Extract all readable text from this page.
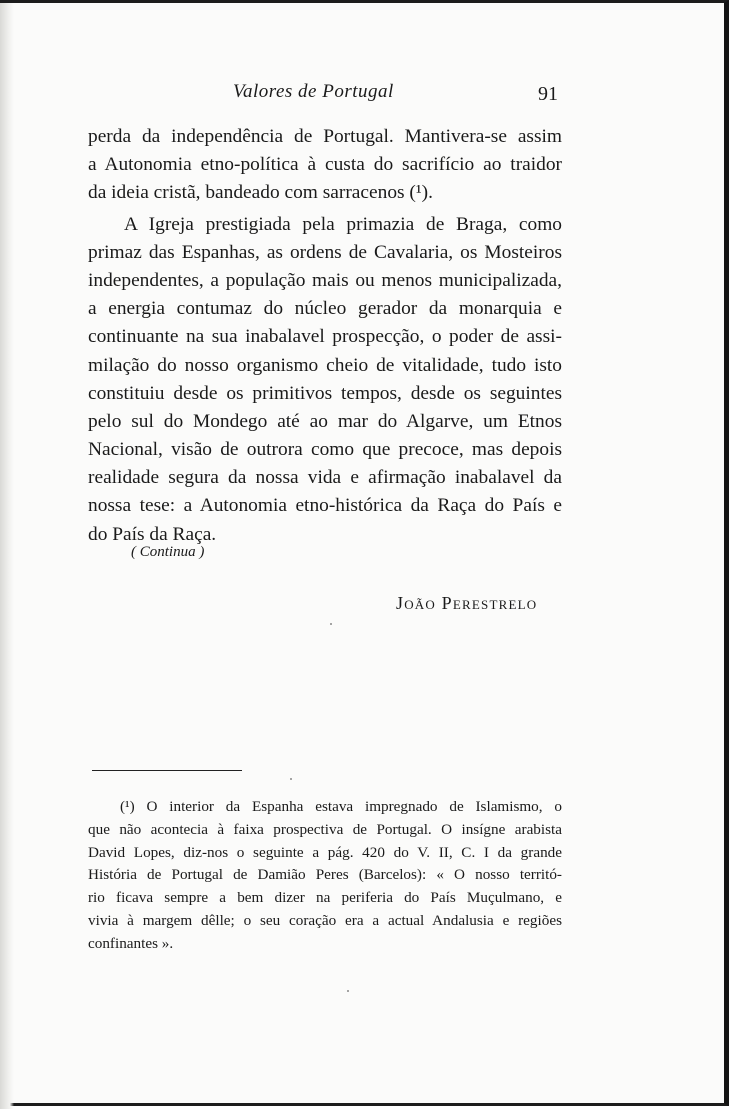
Valores de Portugal	91
perda da independência de Portugal. Mantivera-se assim
a Autonomia etno-política à custa do sacrifício ao traidor
da ideia cristã, bandeado com sarracenos (¹).
A Igreja prestigiada pela primazia de Braga, como
primaz das Espanhas, as ordens de Cavalaria, os Mosteiros
independentes, a população mais ou menos municipalizada,
a energia contumaz do núcleo gerador da monarquia e
continuante na sua inabalavel prospecção, o poder de assi-
milação do nosso organismo cheio de vitalidade, tudo isto
constituiu desde os primitivos tempos, desde os seguintes
pelo sul do Mondego até ao mar do Algarve, um Etnos
Nacional, visão de outrora como que precoce, mas depois
realidade segura da nossa vida e afirmação inabalavel da
nossa tese: a Autonomia etno-histórica da Raça do País e
do País da Raça.
( Continua )
João Perestrelo
(¹) O interior da Espanha estava impregnado de Islamismo, o
que não acontecia à faixa prospectiva de Portugal. O insígne arabista
David Lopes, diz-nos o seguinte a pág. 420 do V. II, C. I da grande
História de Portugal de Damião Peres (Barcelos): « O nosso territó-
rio ficava sempre a bem dizer na periferia do País Muçulmano, e
vivia à margem dêlle; o seu coração era a actual Andalusia e regiões
confinantes ».
